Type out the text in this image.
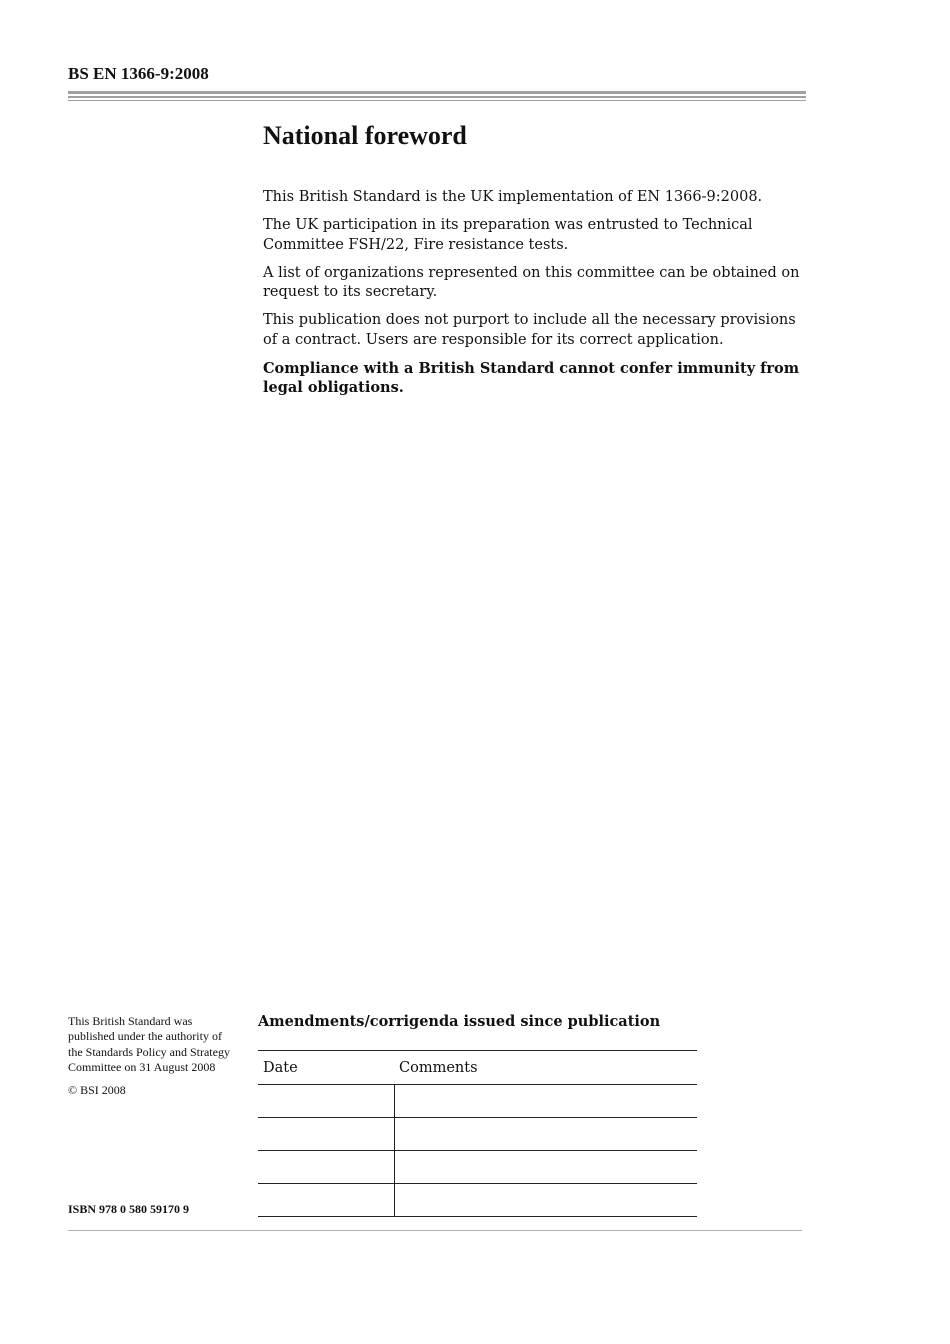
BS EN 1366-9:2008
National foreword

This British Standard is the UK implementation of EN 1366-9:2008.

The UK participation in its preparation was entrusted to Technical Committee FSH/22, Fire resistance tests.

A list of organizations represented on this committee can be obtained on request to its secretary.

This publication does not purport to include all the necessary provisions of a contract. Users are responsible for its correct application.

Compliance with a British Standard cannot confer immunity from legal obligations.

This British Standard was published under the authority of the Standards Policy and Strategy Committee on 31 August 2008

© BSI 2008

ISBN 978 0 580 59170 9
Amendments/corrigenda issued since publication
Date	Comments
